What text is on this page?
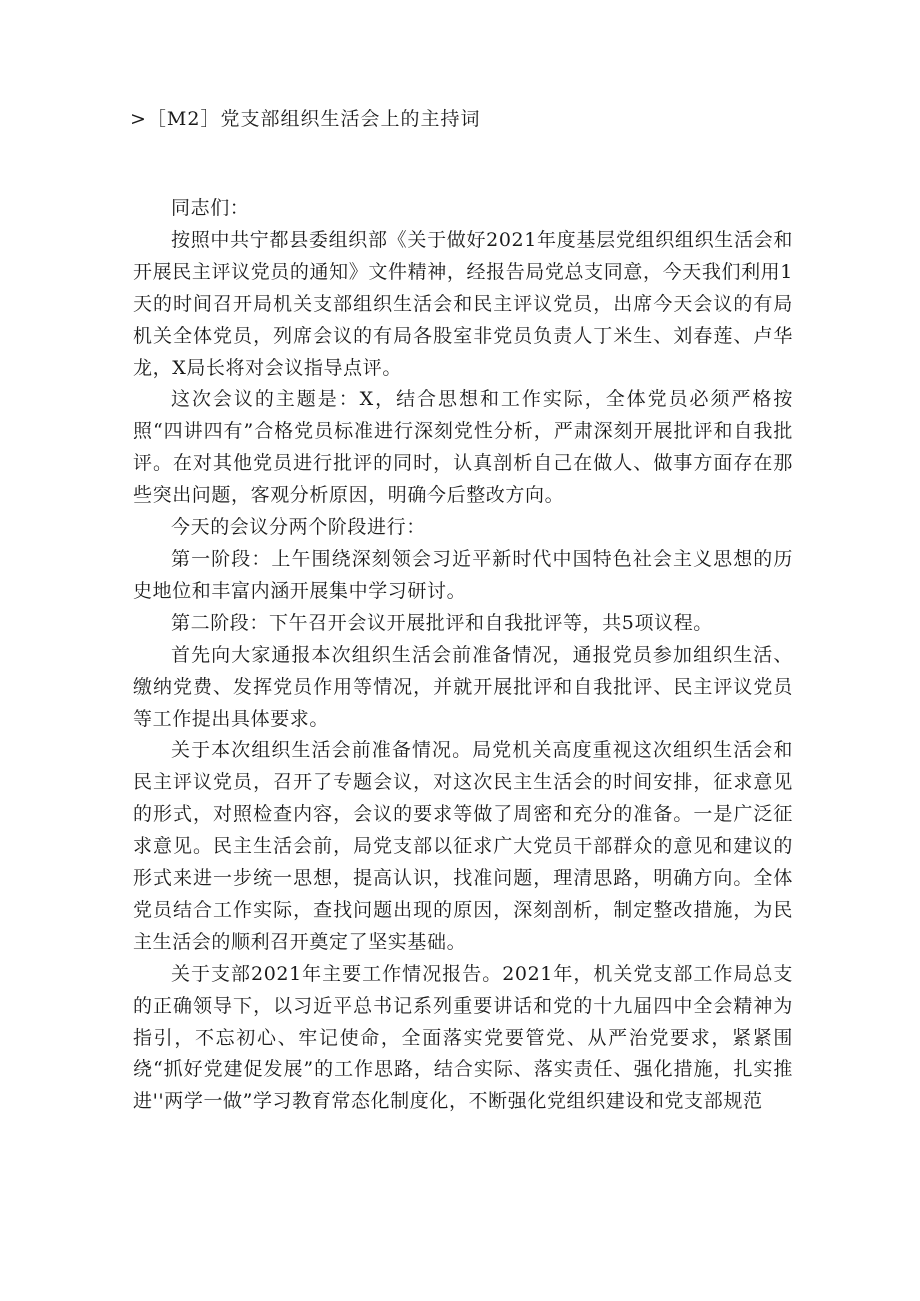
>［M2］党支部组织生活会上的主持词

同志们：

按照中共宁都县委组织部《关于做好2021年度基层党组织组织生活会和开展民主评议党员的通知》文件精神，经报告局党总支同意，今天我们利用1天的时间召开局机关支部组织生活会和民主评议党员，出席今天会议的有局机关全体党员，列席会议的有局各股室非党员负责人丁米生、刘春莲、卢华龙，X局长将对会议指导点评。

这次会议的主题是：X，结合思想和工作实际，全体党员必须严格按照“四讲四有”合格党员标准进行深刻党性分析，严肃深刻开展批评和自我批评。在对其他党员进行批评的同时，认真剖析自己在做人、做事方面存在那些突出问题，客观分析原因，明确今后整改方向。

今天的会议分两个阶段进行：

第一阶段：上午围绕深刻领会习近平新时代中国特色社会主义思想的历史地位和丰富内涵开展集中学习研讨。

第二阶段：下午召开会议开展批评和自我批评等，共5项议程。

首先向大家通报本次组织生活会前准备情况，通报党员参加组织生活、缴纳党费、发挥党员作用等情况，并就开展批评和自我批评、民主评议党员等工作提出具体要求。

关于本次组织生活会前准备情况。局党机关高度重视这次组织生活会和民主评议党员，召开了专题会议，对这次民主生活会的时间安排，征求意见的形式，对照检查内容，会议的要求等做了周密和充分的准备。一是广泛征求意见。民主生活会前，局党支部以征求广大党员干部群众的意见和建议的形式来进一步统一思想，提高认识，找准问题，理清思路，明确方向。全体党员结合工作实际，查找问题出现的原因，深刻剖析，制定整改措施，为民主生活会的顺利召开奠定了坚实基础。

关于支部2021年主要工作情况报告。2021年，机关党支部工作局总支的正确领导下，以习近平总书记系列重要讲话和党的十九届四中全会精神为指引，不忘初心、牢记使命，全面落实党要管党、从严治党要求，紧紧围绕“抓好党建促发展”的工作思路，结合实际、落实责任、强化措施，扎实推进''两学一做”学习教育常态化制度化，不断强化党组织建设和党支部规范
